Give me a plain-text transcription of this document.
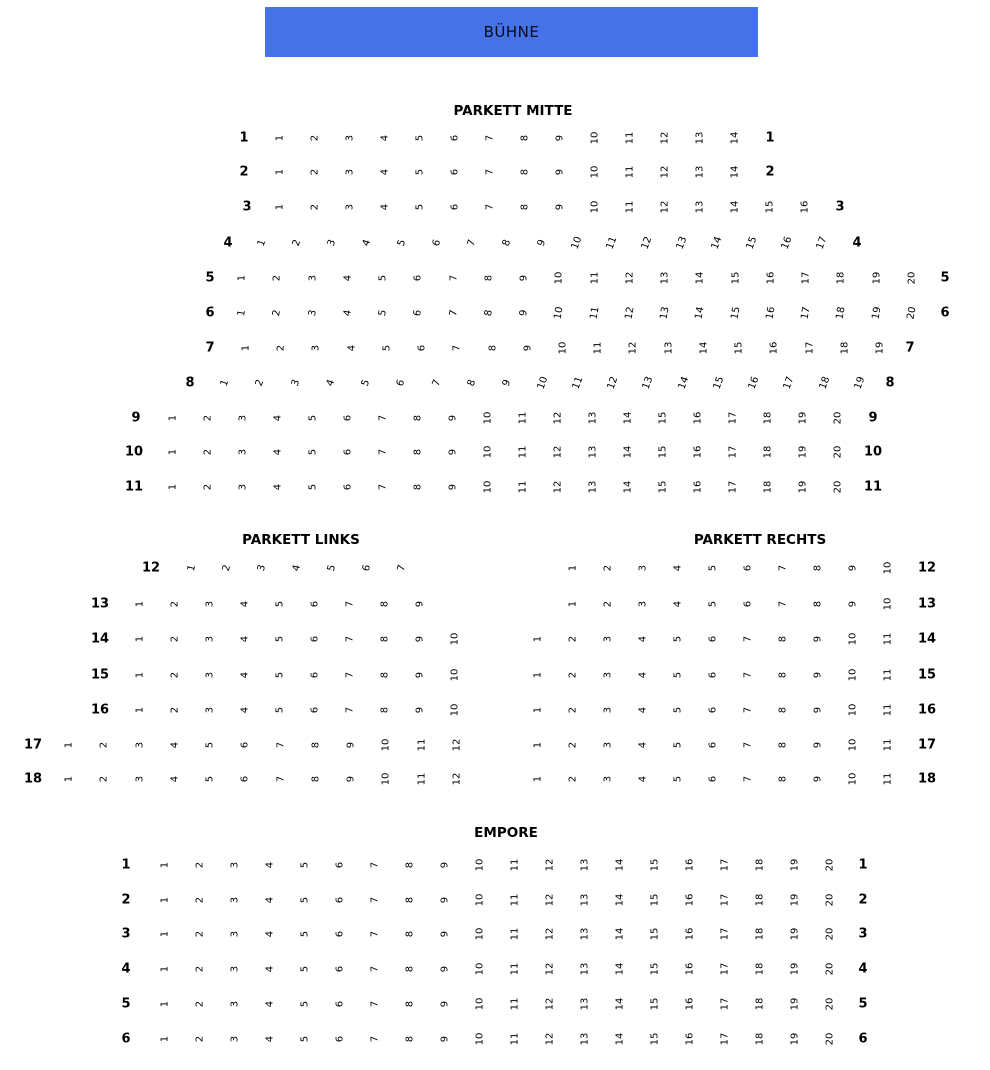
BÜHNE
PARKETT MITTE
PARKETT LINKS	PARKETT RECHTS
EMPORE
1	1 2 3 4 5 6 7 8 9 10 11 12 13 14 1
2	1 2 3 4 5 6 7 8 9 10 11 12 13 14 2
3 1 2 3 4 5 6 7 8 9 10 11 12 13 14 15 16 3
4 1 2 3 4 5 6 7 8 9 10 11 12 13 14 15 16 17 4
5 1 2 3 4 5 6 7 8 9 10 11 12 13 14 15 16 17 18 19 20 5
6 1 2 3 4 5 6 7 8 9 10 11 12 13 14 15 16 17 18 19 20 6
7	1 2 3 4 5 6 7 8 9 10 11 12 13 14 15 16 17 18 19 7
8 1 2 3 4 5 6 7 8 9 10 11 12 13 14 15 16 17 18 19 8
9	1 2 3 4 5 6 7 8 9 10 11 12 13 14 15 16 17 18 19 20 9
10 1 2 3 4 5 6 7 8 9 10 11 12 13 14 15 16 17 18 19 20 10
11 1 2 3 4 5 6 7 8 9 10 11 12 13 14 15 16 17 18 19 20 11
12	1 2 3 4 5 6 7
13	1 2 3 4 5 6 7 8 9
14	1 2 3 4 5 6 7 8 9 10
15	1 2 3 4 5 6 7 8 9 10
16	1 2 3 4 5 6 7 8 9 10
17 1 2 3 4 5 6 7 8 9 10 11 12
18 1 2 3 4 5 6 7 8 9 10 11 12
1 2 3 4 5 6 7 8 9 10 12
1 2 3 4 5 6 7 8 9 10 13
1 2 3 4 5 6 7 8 9 10 11 14
1 2 3 4 5 6 7 8 9 10 11 15
1 2 3 4 5 6 7 8 9 10 11 16
1 2 3 4 5 6 7 8 9 10 11 17
1 2 3 4 5 6 7 8 9 10 11 18
1	1 2 3 4 5 6 7 8 9 10 11 12 13 14 15 16 17 18 19 20 1
2	1 2 3 4 5 6 7 8 9 10 11 12 13 14 15 16 17 18 19 20 2
3	1 2 3 4 5 6 7 8 9 10 11 12 13 14 15 16 17 18 19 20 3
4	1 2 3 4 5 6 7 8 9 10 11 12 13 14 15 16 17 18 19 20 4
5	1 2 3 4 5 6 7 8 9 10 11 12 13 14 15 16 17 18 19 20 5
6	1 2 3 4 5 6 7 8 9 10 11 12 13 14 15 16 17 18 19 20 6
